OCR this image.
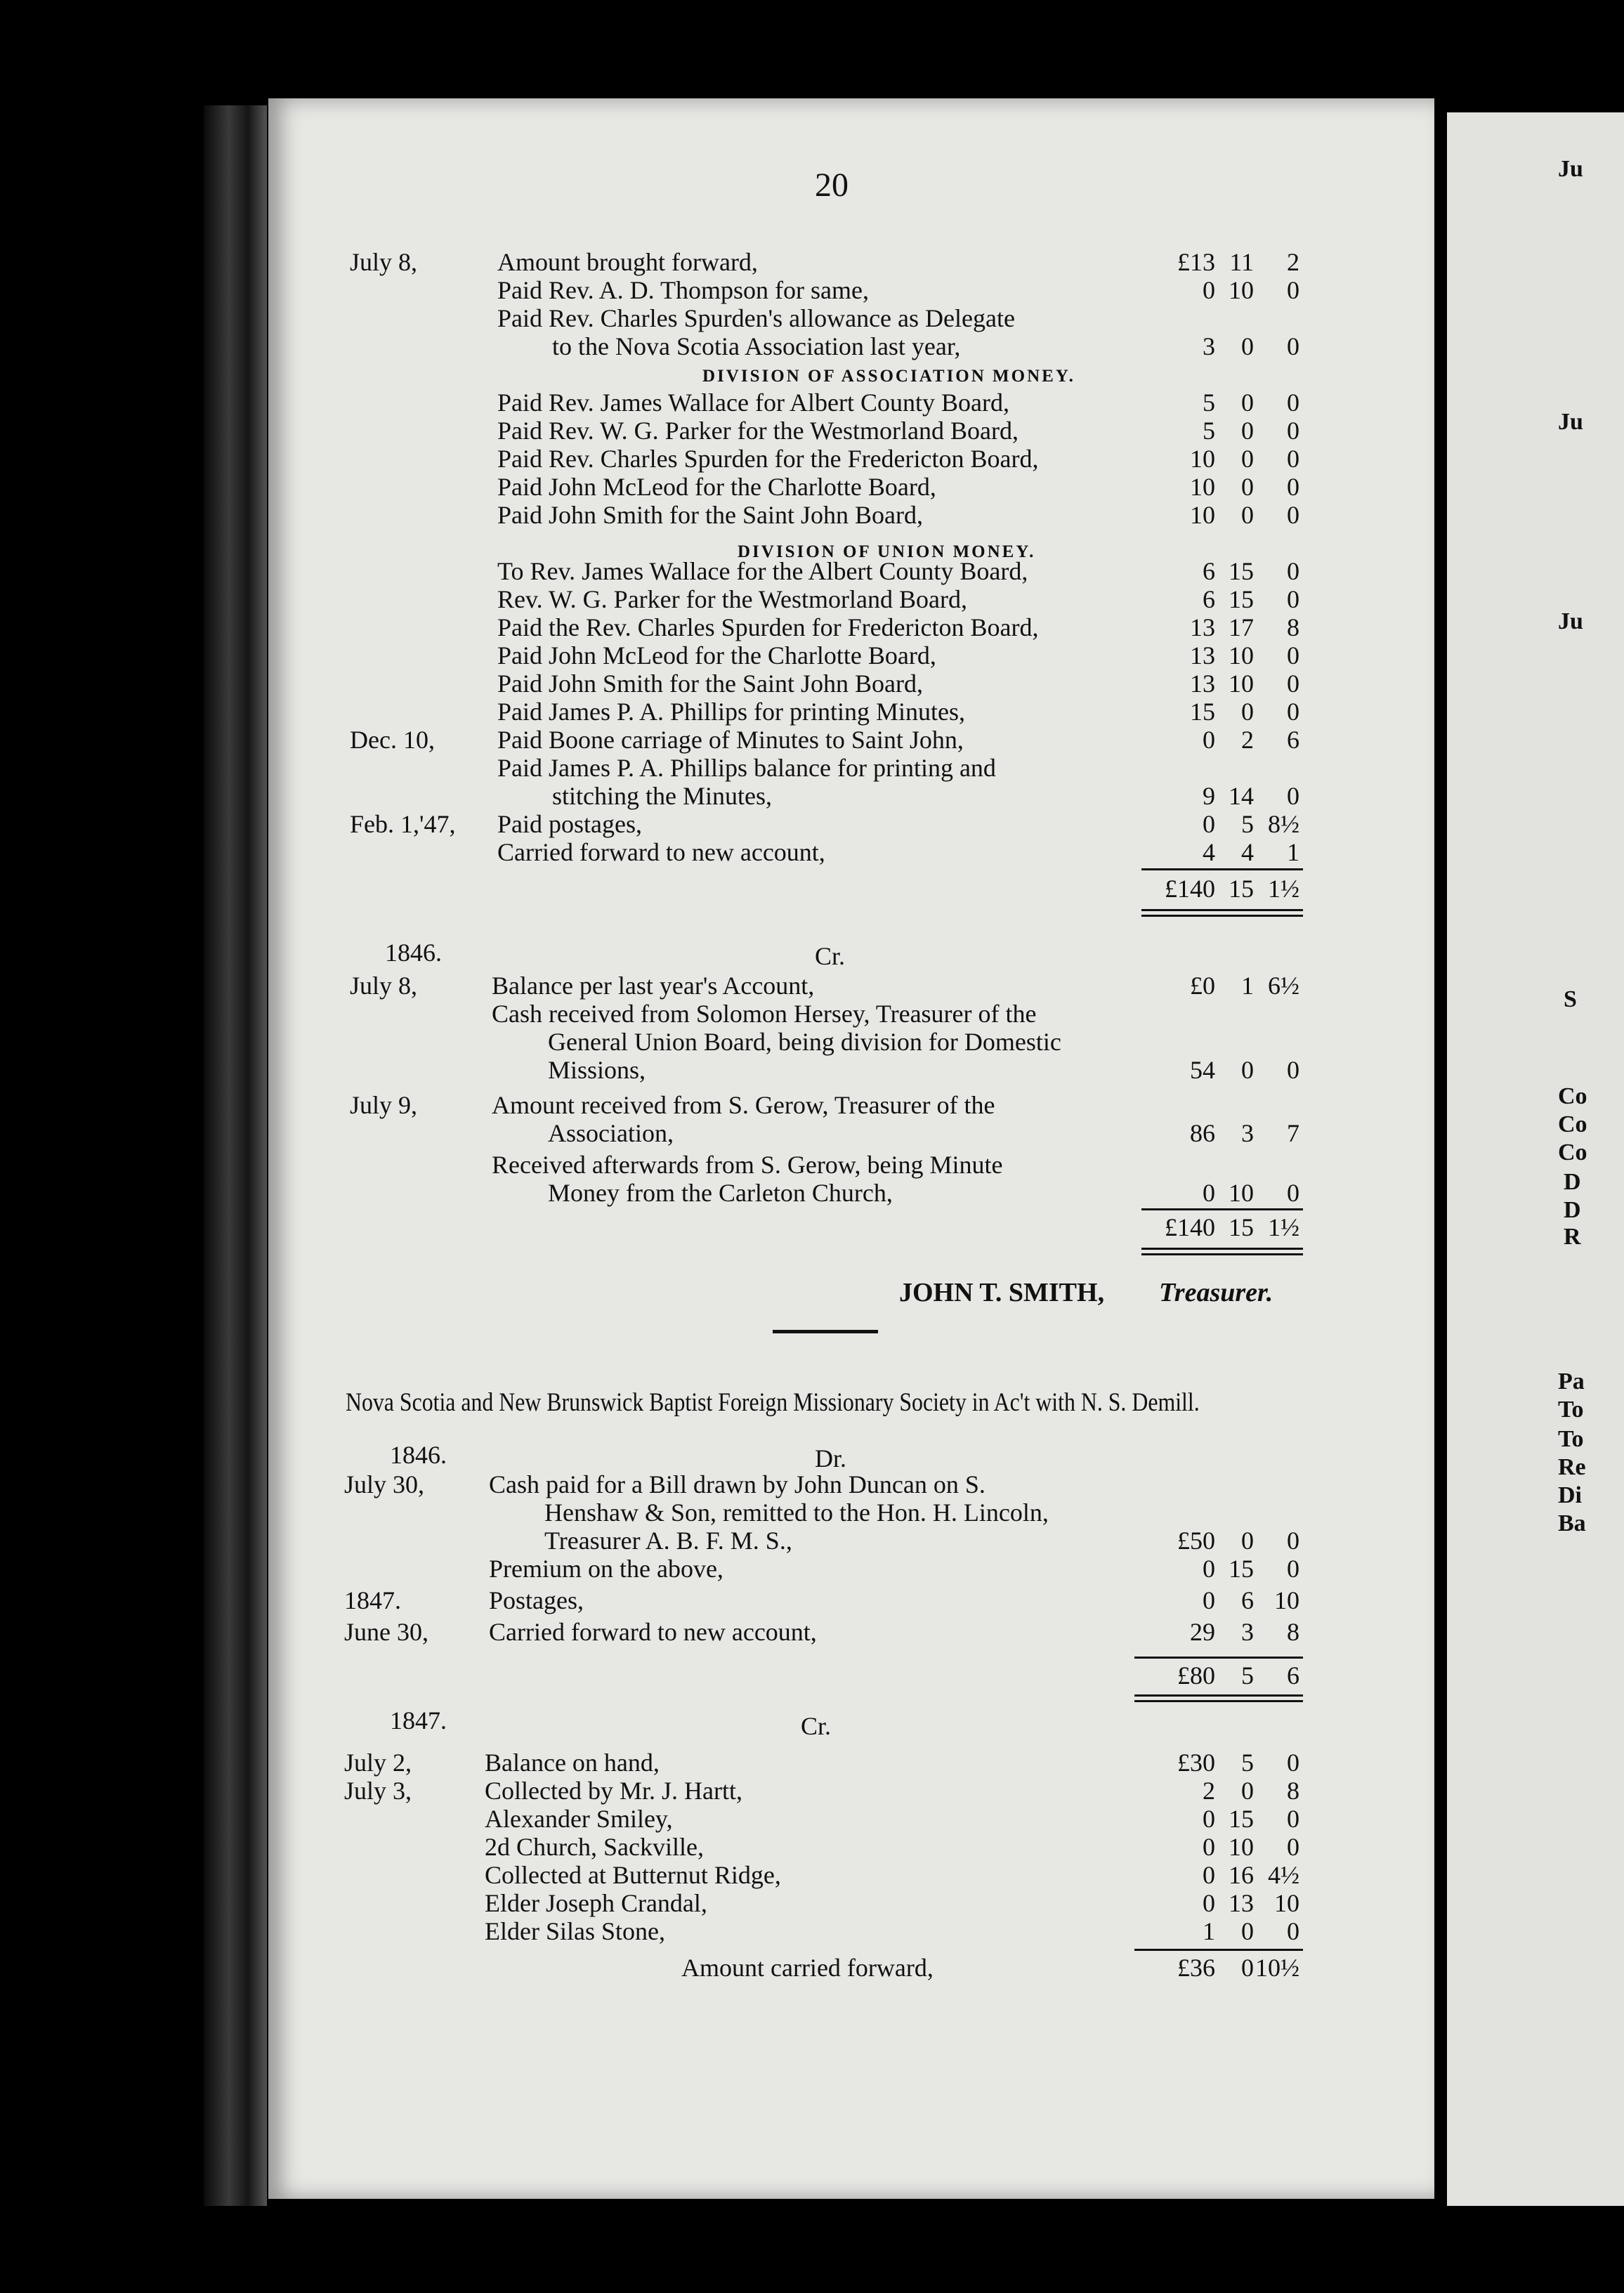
Ju
Ju
Ju
S
Co
Co
Co
D
D
R
Pa
To
To
Re
Di
Ba
20
July 8,	Amount brought forward,	£13 11	2
Paid Rev. A. D. Thompson for same,	0 10	0
Paid Rev. Charles Spurden's allowance as Delegate
to the Nova Scotia Association last year,	3	0	0
Paid Rev. James Wallace for Albert County Board,	5	0	0
Paid Rev. W. G. Parker for the Westmorland Board,	5	0	0
Paid Rev. Charles Spurden for the Fredericton Board,	10	0	0
Paid John McLeod for the Charlotte Board,	10	0	0
Paid John Smith for the Saint John Board,	10	0	0
To Rev. James Wallace for the Albert County Board,	6 15	0
Rev. W. G. Parker for the Westmorland Board,	6 15	0
Paid the Rev. Charles Spurden for Fredericton Board,	13 17	8
Paid John McLeod for the Charlotte Board,	13 10	0
Paid John Smith for the Saint John Board,	13 10	0
Paid James P. A. Phillips for printing Minutes,	15	0	0
Dec. 10, Paid Boone carriage of Minutes to Saint John,	0	2	6
Paid James P. A. Phillips balance for printing and
stitching the Minutes,	9 14	0
Feb. 1,'47, Paid postages,	0	5 8½
Carried forward to new account,	4	4	1
DIVISION OF ASSOCIATION MONEY.
DIVISION OF UNION MONEY.
£140 15 1½
1846.	Cr.
July 8,	Balance per last year's Account,	£0	1 6½
Cash received from Solomon Hersey, Treasurer of the
General Union Board, being division for Domestic
Missions,	54	0	0
July 9,	Amount received from S. Gerow, Treasurer of the
Association,	86	3	7
Received afterwards from S. Gerow, being Minute
Money from the Carleton Church,	0 10	0
£140 15 1½
JOHN T. SMITH, Treasurer.
Nova Scotia and New Brunswick Baptist Foreign Missionary Society in Ac't with N. S. Demill.
1846.	Dr.
July 30,	Cash paid for a Bill drawn by John Duncan on S.
Henshaw & Son, remitted to the Hon. H. Lincoln,
Treasurer A. B. F. M. S.,	£50	0	0
Premium on the above,	0 15	0
1847.	Postages,	0	6 10
June 30, Carried forward to new account,	29	3	8
£80	5	6
1847.	Cr.
July 2,	Balance on hand,	£30	5	0
July 3,	Collected by Mr. J. Hartt,	2	0	8
Alexander Smiley,	0 15	0
2d Church, Sackville,	0 10	0
Collected at Butternut Ridge,	0 16 4½
Elder Joseph Crandal,	0 13 10
Elder Silas Stone,	1	0	0
Amount carried forward,	£36	0 10½
